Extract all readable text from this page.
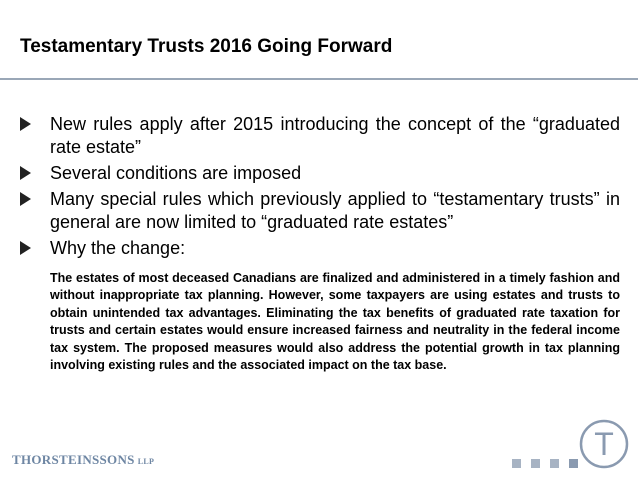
Testamentary Trusts 2016 Going Forward
New rules apply after 2015 introducing the concept of the “graduated rate estate”
Several conditions are imposed
Many special rules which previously applied to “testamentary trusts” in general are now limited to “graduated rate estates”
Why the change:

The estates of most deceased Canadians are finalized and administered in a timely fashion and without inappropriate tax planning. However, some taxpayers are using estates and trusts to obtain unintended tax advantages. Eliminating the tax benefits of graduated rate taxation for trusts and certain estates would ensure increased fairness and neutrality in the federal income tax system. The proposed measures would also address the potential growth in tax planning involving existing rules and the associated impact on the tax base.

THORSTEINSSONS LLP	T
